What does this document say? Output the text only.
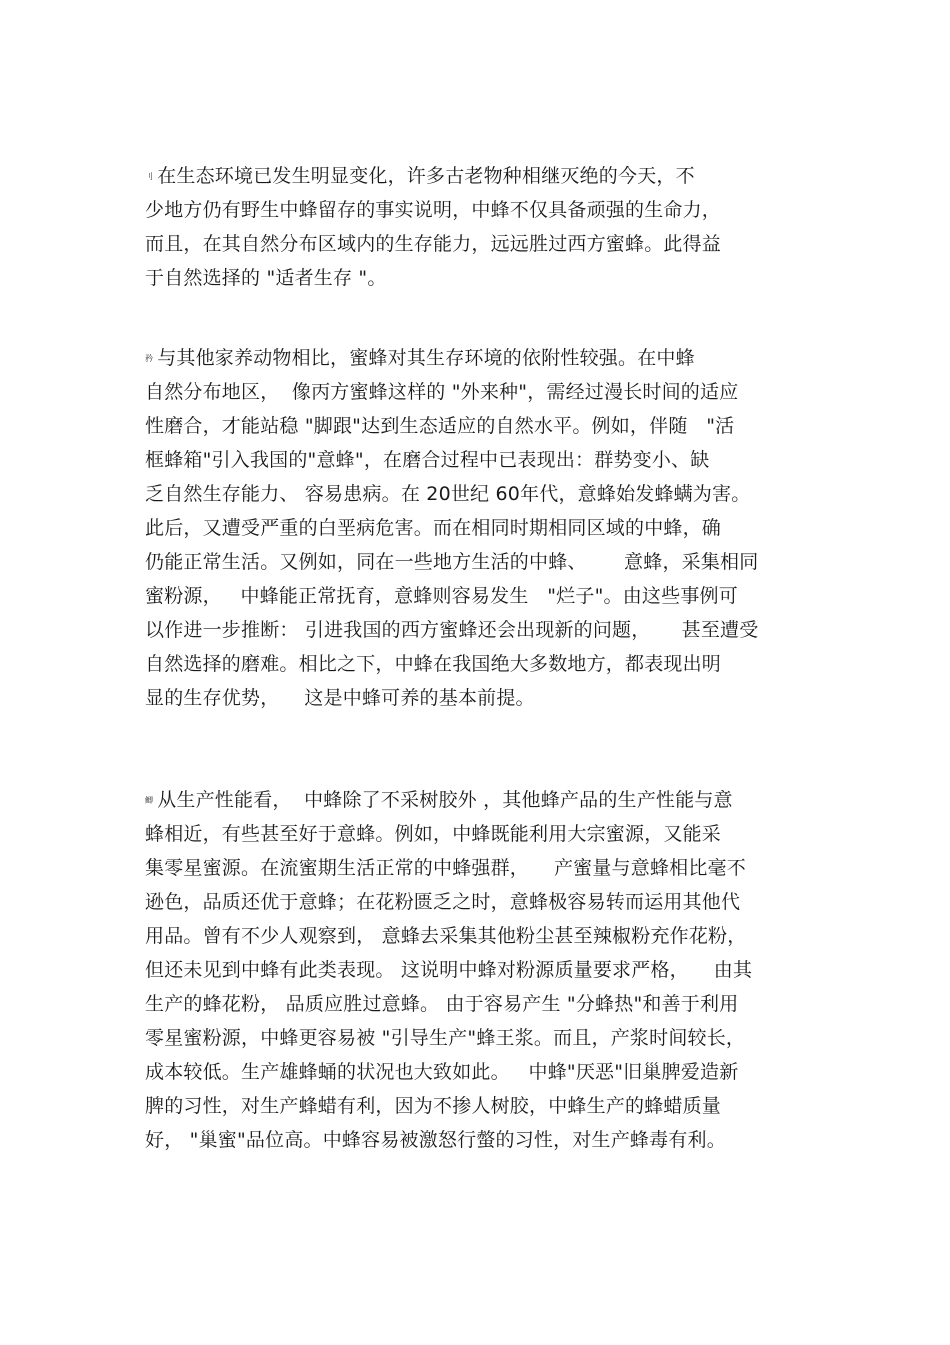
⺉ 在生态环境已发生明显变化，许多古老物种相继灭绝的今天，不
少地方仍有野生中蜂留存的事实说明，中蜂不仅具备顽强的生命力，
而且，在其自然分布区域内的生存能力，远远胜过西方蜜蜂。此得益
于自然选择的 "适者生存 "。
矜 与其他家养动物相比，蜜蜂对其生存环境的依附性较强。在中蜂
自然分布地区，  像丙方蜜蜂这样的 "外来种"，需经过漫长时间的适应
性磨合，才能站稳 "脚跟"达到生态适应的自然水平。例如，伴随   "活
框蜂箱"引入我国的"意蜂"，在磨合过程中已表现出：群势变小、缺
乏自然生存能力、 容易患病。在 20世纪 60年代，意蜂始发蜂螨为害。
此后，又遭受严重的白垩病危害。而在相同时期相同区域的中蜂，确
仍能正常生活。又例如，同在一些地方生活的中蜂、      意蜂，采集相同
蜜粉源，   中蜂能正常抚育，意蜂则容易发生   "烂子"。由这些事例可
以作进一步推断： 引进我国的西方蜜蜂还会出现新的问题，     甚至遭受
自然选择的磨难。相比之下，中蜂在我国绝大多数地方，都表现出明
显的生存优势，    这是中蜂可养的基本前提。
鲫 从生产性能看，  中蜂除了不采树胶外 ，其他蜂产品的生产性能与意
蜂相近，有些甚至好于意蜂。例如，中蜂既能利用大宗蜜源，又能采
集零星蜜源。在流蜜期生活正常的中蜂强群，    产蜜量与意蜂相比毫不
逊色，品质还优于意蜂；在花粉匮乏之时，意蜂极容易转而运用其他代
用品。曾有不少人观察到， 意蜂去采集其他粉尘甚至辣椒粉充作花粉，
但还未见到中蜂有此类表现。 这说明中蜂对粉源质量要求严格，    由其
生产的蜂花粉， 品质应胜过意蜂。 由于容易产生 "分蜂热"和善于利用
零星蜜粉源，中蜂更容易被 "引导生产"蜂王浆。而且，产浆时间较长，
成本较低。生产雄蜂蛹的状况也大致如此。   中蜂"厌恶"旧巢脾爱造新
脾的习性，对生产蜂蜡有利，因为不掺人树胶，中蜂生产的蜂蜡质量
好， "巢蜜"品位高。中蜂容易被激怒行螫的习性，对生产蜂毒有利。
